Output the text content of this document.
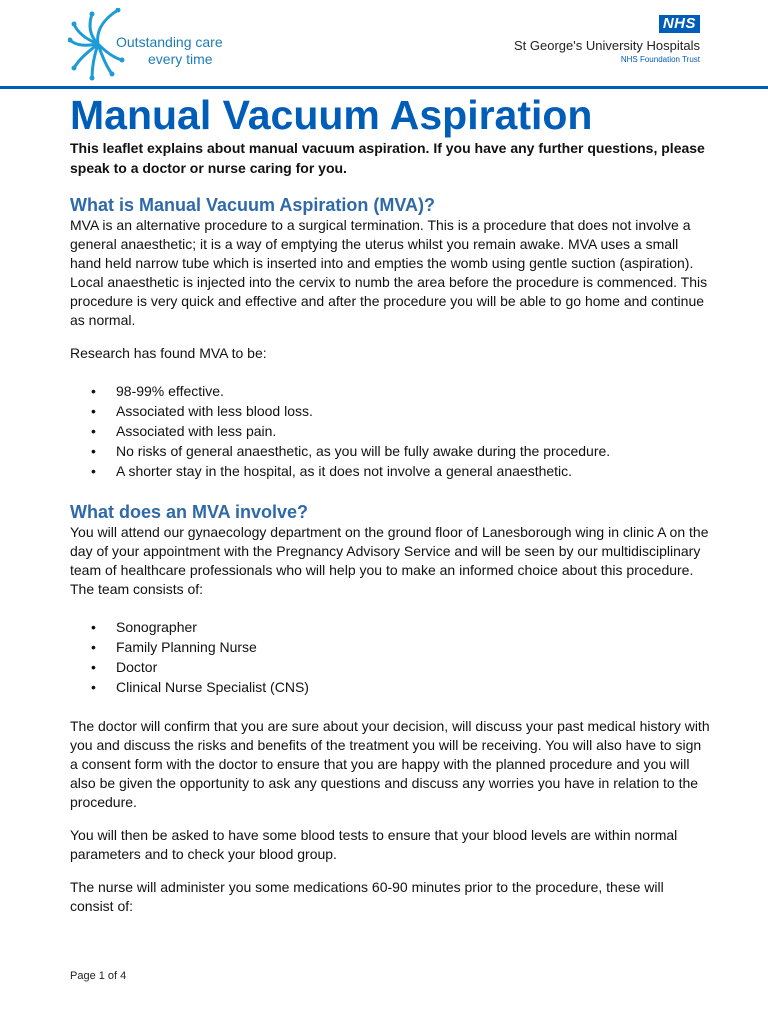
Outstanding care
every time
NHS
St George's University Hospitals
NHS Foundation Trust
Manual Vacuum Aspiration

This leaflet explains about manual vacuum aspiration. If you have any further questions, please speak to a doctor or nurse caring for you.

What is Manual Vacuum Aspiration (MVA)?

MVA is an alternative procedure to a surgical termination. This is a procedure that does not involve a general anaesthetic; it is a way of emptying the uterus whilst you remain awake. MVA uses a small hand held narrow tube which is inserted into and empties the womb using gentle suction (aspiration). Local anaesthetic is injected into the cervix to numb the area before the procedure is commenced. This procedure is very quick and effective and after the procedure you will be able to go home and continue as normal.

Research has found MVA to be:

• 98-99% effective.
• Associated with less blood loss.
• Associated with less pain.
• No risks of general anaesthetic, as you will be fully awake during the procedure.
• A shorter stay in the hospital, as it does not involve a general anaesthetic.
What does an MVA involve?

You will attend our gynaecology department on the ground floor of Lanesborough wing in clinic A on the day of your appointment with the Pregnancy Advisory Service and will be seen by our multidisciplinary team of healthcare professionals who will help you to make an informed choice about this procedure. The team consists of:

• Sonographer
• Family Planning Nurse
• Doctor
• Clinical Nurse Specialist (CNS)

The doctor will confirm that you are sure about your decision, will discuss your past medical history with you and discuss the risks and benefits of the treatment you will be receiving. You will also have to sign a consent form with the doctor to ensure that you are happy with the planned procedure and you will also be given the opportunity to ask any questions and discuss any worries you have in relation to the procedure.

You will then be asked to have some blood tests to ensure that your blood levels are within normal parameters and to check your blood group.

The nurse will administer you some medications 60-90 minutes prior to the procedure, these will consist of:

Page 1 of 4
